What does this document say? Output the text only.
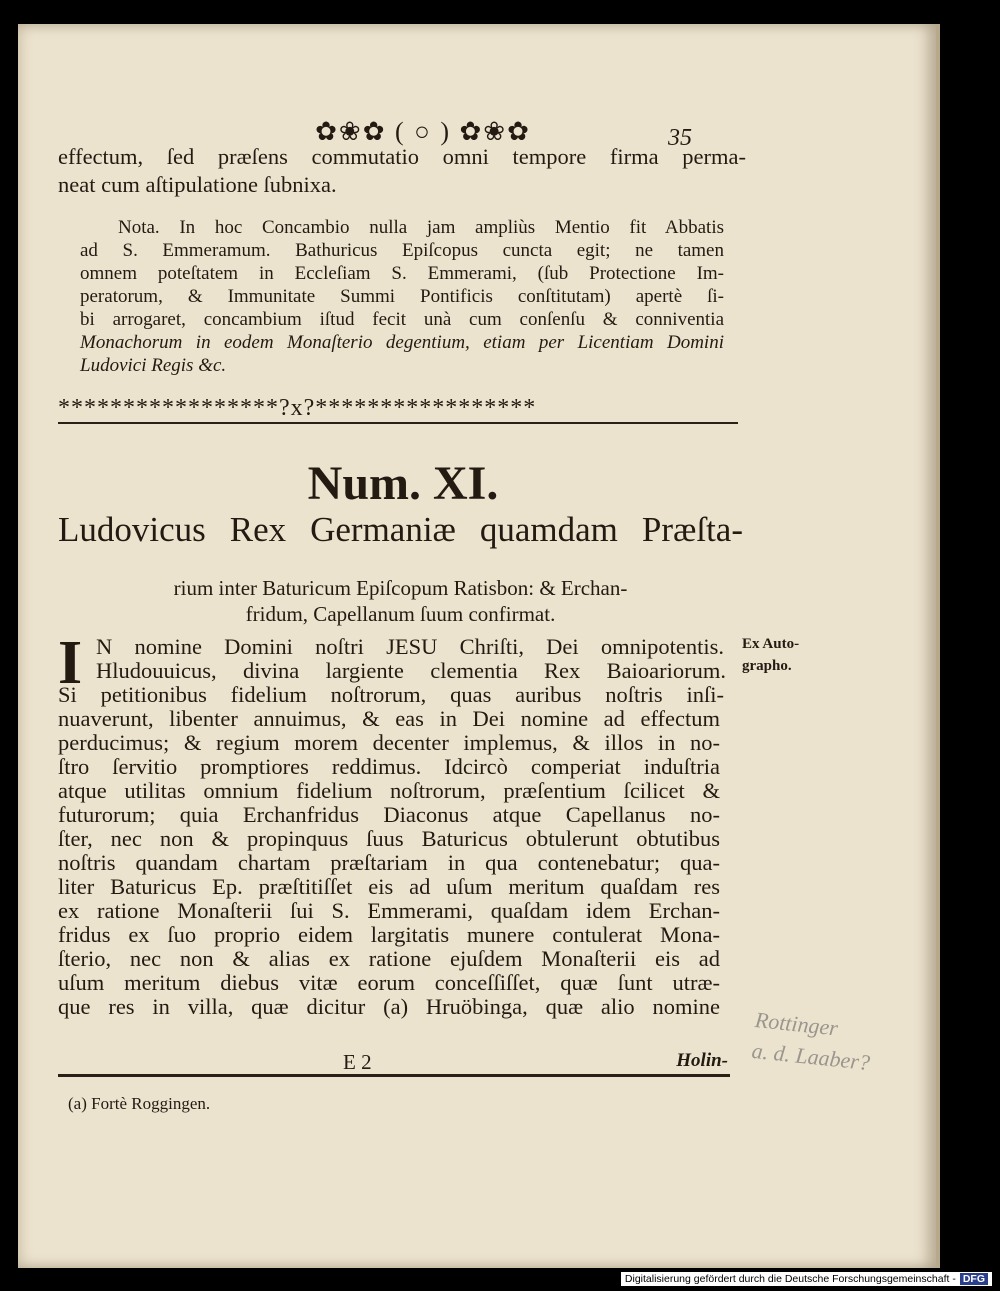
✿❀✿ ( ○ ) ✿❀✿	35
effectum, ſed præſens commutatio omni tempore firma perma-
neat cum aſtipulatione ſubnixa.
Nota. In hoc Concambio nulla jam ampliùs Mentio fit Abbatis
ad S. Emmeramum. Bathuricus Epiſcopus cuncta egit; ne tamen
omnem poteſtatem in Eccleſiam S. Emmerami, (ſub Protectione Im-
peratorum, & Immunitate Summi Pontificis conſtitutam) apertè ſi-
bi arrogaret, concambium iſtud fecit unà cum conſenſu & conniventia
Monachorum in eodem Monaſterio degentium, etiam per Licentiam Domini
Ludovici Regis &c.
*****************?x?*****************
Num. XI.
Ludovicus Rex Germaniæ quamdam Præſta-
rium inter Baturicum Epiſcopum Ratisbon: & Erchan-
fridum, Capellanum ſuum confirmat.
I N nomine Domini noſtri JESU Chriſti, Dei omnipotentis.
Hludouuicus, divina largiente clementia Rex Baioariorum.
Si petitionibus fidelium noſtrorum, quas auribus noſtris inſi-
nuaverunt, libenter annuimus, & eas in Dei nomine ad effectum
perducimus; & regium morem decenter implemus, & illos in no-
ſtro ſervitio promptiores reddimus. Idcircò comperiat induſtria
atque utilitas omnium fidelium noſtrorum, præſentium ſcilicet &
futurorum; quia Erchanfridus Diaconus atque Capellanus no-
ſter, nec non & propinquus ſuus Baturicus obtulerunt obtutibus
noſtris quandam chartam præſtariam in qua contenebatur; qua-
liter Baturicus Ep. præſtitiſſet eis ad uſum meritum quaſdam res
ex ratione Monaſterii ſui S. Emmerami, quaſdam idem Erchan-
fridus ex ſuo proprio eidem largitatis munere contulerat Mona-
ſterio, nec non & alias ex ratione ejuſdem Monaſterii eis ad
uſum meritum diebus vitæ eorum conceſſiſſet, quæ ſunt utræ-
que res in villa, quæ dicitur (a) Hruöbinga, quæ alio nomine
Ex Auto-
grapho.
E 2	Holin-
(a) Fortè Roggingen.
Rottinger
a. d. Laaber?
Digitalisierung gefördert durch die Deutsche Forschungsgemeinschaft - DFG
